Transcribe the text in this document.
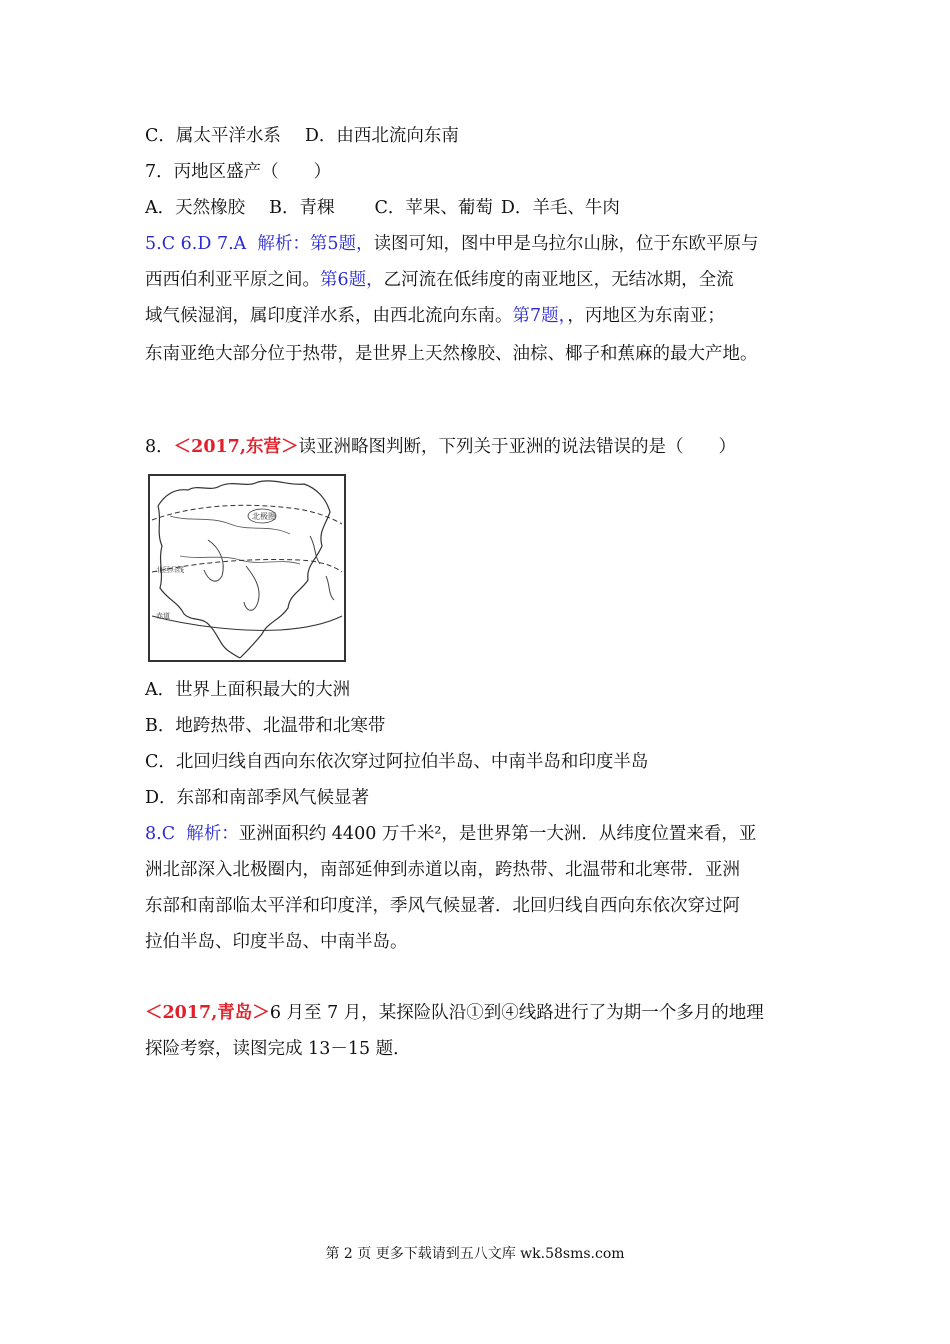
C．属太平洋水系 D．由西北流向东南

7．丙地区盛产（　　）

A．天然橡胶 B．青稞 C．苹果、葡萄 D．羊毛、牛肉

5.C 6.D 7.A 解析：第5题，读图可知，图中甲是乌拉尔山脉，位于东欧平原与

西西伯利亚平原之间。第6题，乙河流在低纬度的南亚地区，无结冰期，全流

域气候湿润，属印度洋水系，由西北流向东南。第7题，，丙地区为东南亚；

东南亚绝大部分位于热带，是世界上天然橡胶、油棕、椰子和蕉麻的最大产地。

8．＜2017,东营＞读亚洲略图判断，下列关于亚洲的说法错误的是（　　）

北极圈
北回归线
赤道

A．世界上面积最大的大洲

B．地跨热带、北温带和北寒带

C．北回归线自西向东依次穿过阿拉伯半岛、中南半岛和印度半岛

D．东部和南部季风气候显著

8.C 解析：亚洲面积约 4400 万千米²，是世界第一大洲．从纬度位置来看，亚

洲北部深入北极圈内，南部延伸到赤道以南，跨热带、北温带和北寒带．亚洲

东部和南部临太平洋和印度洋，季风气候显著．北回归线自西向东依次穿过阿

拉伯半岛、印度半岛、中南半岛。

＜2017,青岛＞6 月至 7 月，某探险队沿①到④线路进行了为期一个多月的地理

探险考察，读图完成 13－15 题．

第 2 页 更多下载请到五八文库 wk.58sms.com
